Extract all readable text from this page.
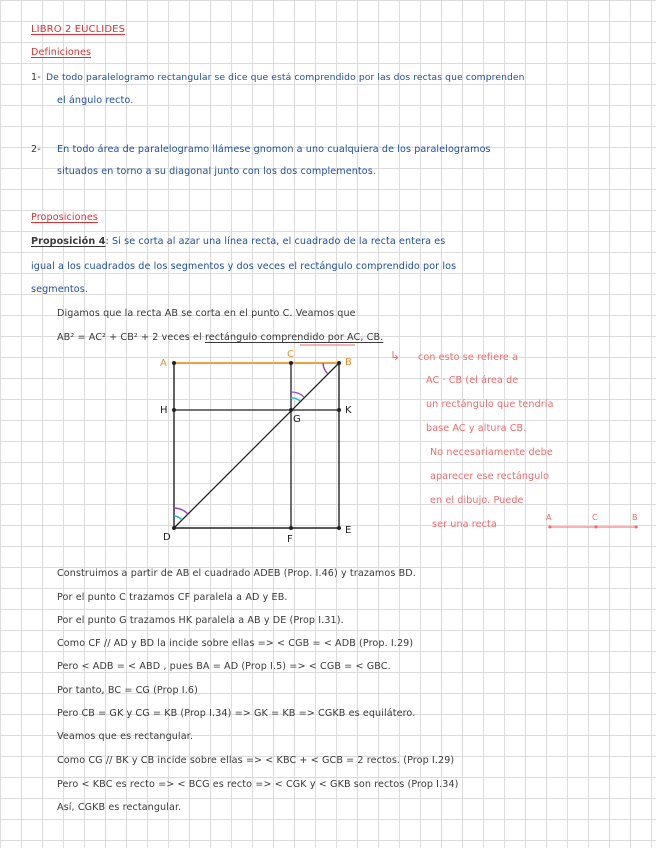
LIBRO 2 EUCLIDES
Definiciones
1- De todo paralelogramo rectangular se dice que está comprendido por las dos rectas que comprenden
el ángulo recto.
2- En todo área de paralelogramo llámese gnomon a uno cualquiera de los paralelogramos
situados en torno a su diagonal junto con los dos complementos.
Proposiciones
Proposición 4: Si se corta al azar una línea recta, el cuadrado de la recta entera es
igual a los cuadrados de los segmentos y dos veces el rectángulo comprendido por los
segmentos.
Digamos que la recta AB se corta en el punto C. Veamos que
AB² = AC² + CB² + 2 veces el rectángulo comprendido por AC, CB.
A	B
C
D
E
F
G
H	K
↳ con esto se refiere a
AC · CB (el área de
un rectángulo que tendría
base AC y altura CB.
No necesariamente debe
aparecer ese rectángulo
en el dibujo. Puede
ser una recta
A	C	B
Construimos a partir de AB el cuadrado ADEB (Prop. I.46) y trazamos BD.
Por el punto C trazamos CF paralela a AD y EB.
Por el punto G trazamos HK paralela a AB y DE (Prop I.31).
Como CF // AD y BD la incide sobre ellas => < CGB = < ADB (Prop. I.29)
Pero < ADB = < ABD , pues BA = AD (Prop I.5) => < CGB = < GBC.
Por tanto, BC = CG (Prop I.6)
Pero CB = GK y CG = KB (Prop I.34) => GK = KB => CGKB es equilátero.
Veamos que es rectangular.
Como CG // BK y CB incide sobre ellas => < KBC + < GCB = 2 rectos. (Prop I.29)
Pero < KBC es recto => < BCG es recto => < CGK y < GKB son rectos (Prop I.34)
Así, CGKB es rectangular.
